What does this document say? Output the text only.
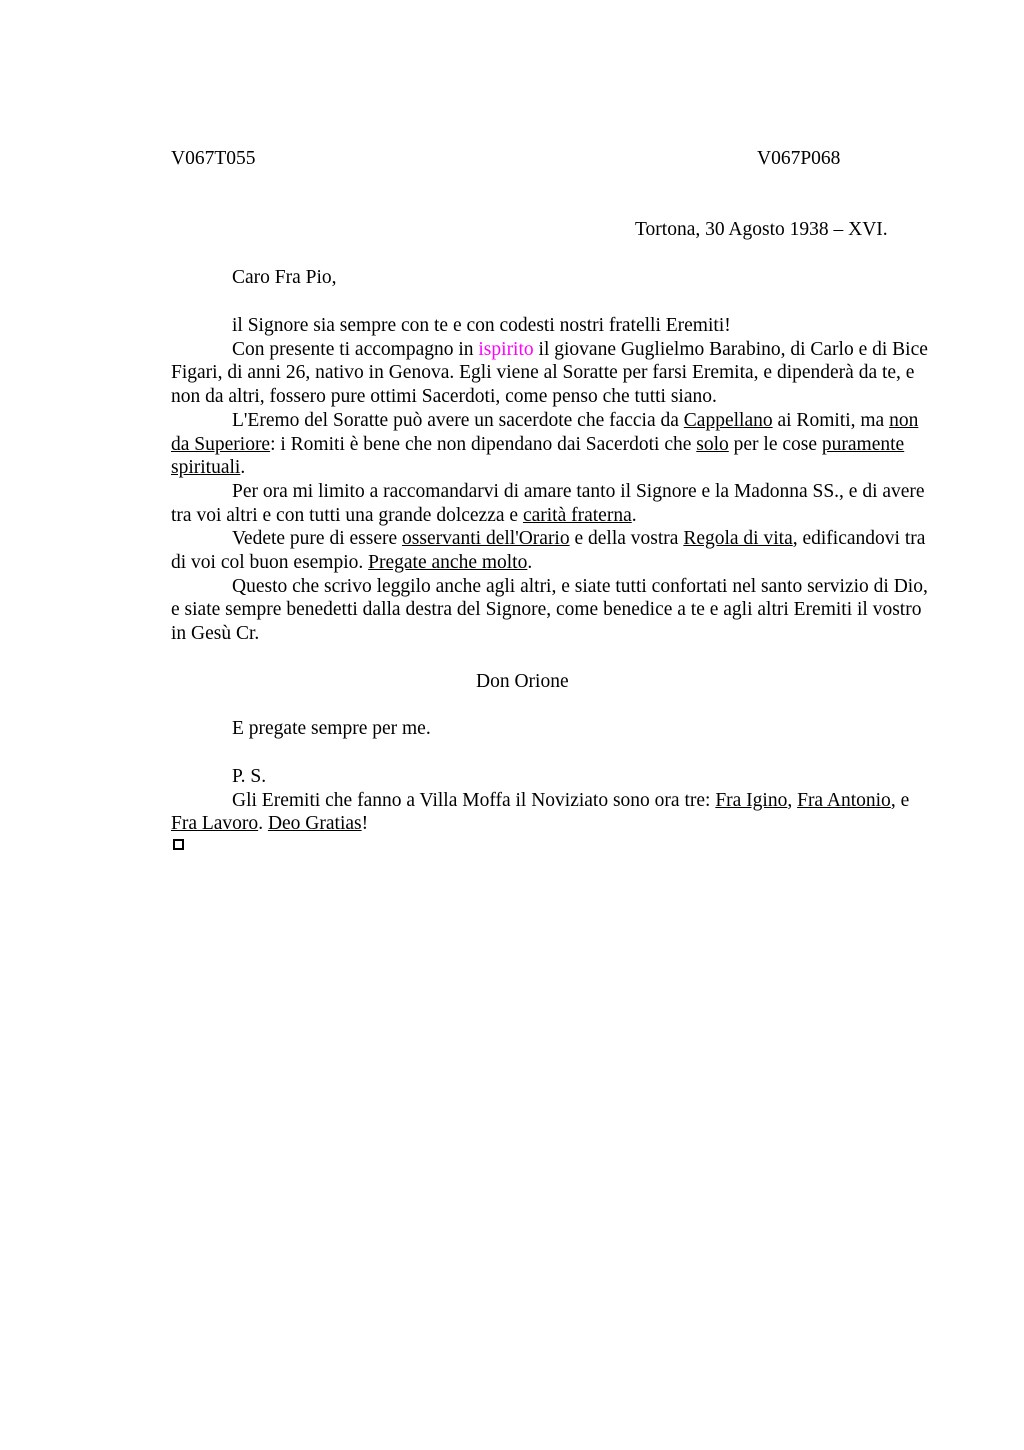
V067T055	V067P068
Tortona, 30 Agosto 1938 – XVI.
Caro Fra Pio,

il Signore sia sempre con te e con codesti nostri fratelli Eremiti!

Con presente ti accompagno in ispirito il giovane Guglielmo Barabino, di Carlo e di Bice Figari, di anni 26, nativo in Genova. Egli viene al Soratte per farsi Eremita, e dipenderà da te, e non da altri, fossero pure ottimi Sacerdoti, come penso che tutti siano.

L'Eremo del Soratte può avere un sacerdote che faccia da Cappellano ai Romiti, ma non da Superiore: i Romiti è bene che non dipendano dai Sacerdoti che solo per le cose puramente spirituali.

Per ora mi limito a raccomandarvi di amare tanto il Signore e la Madonna SS., e di avere tra voi altri e con tutti una grande dolcezza e carità fraterna.

Vedete pure di essere osservanti dell'Orario e della vostra Regola di vita, edificandovi tra di voi col buon esempio. Pregate anche molto.

Questo che scrivo leggilo anche agli altri, e siate tutti confortati nel santo servizio di Dio, e siate sempre benedetti dalla destra del Signore, come benedice a te e agli altri Eremiti il vostro in Gesù Cr.

Don Orione
E pregate sempre per me.

P. S.

Gli Eremiti che fanno a Villa Moffa il Noviziato sono ora tre: Fra Igino, Fra Antonio, e Fra Lavoro. Deo Gratias!
